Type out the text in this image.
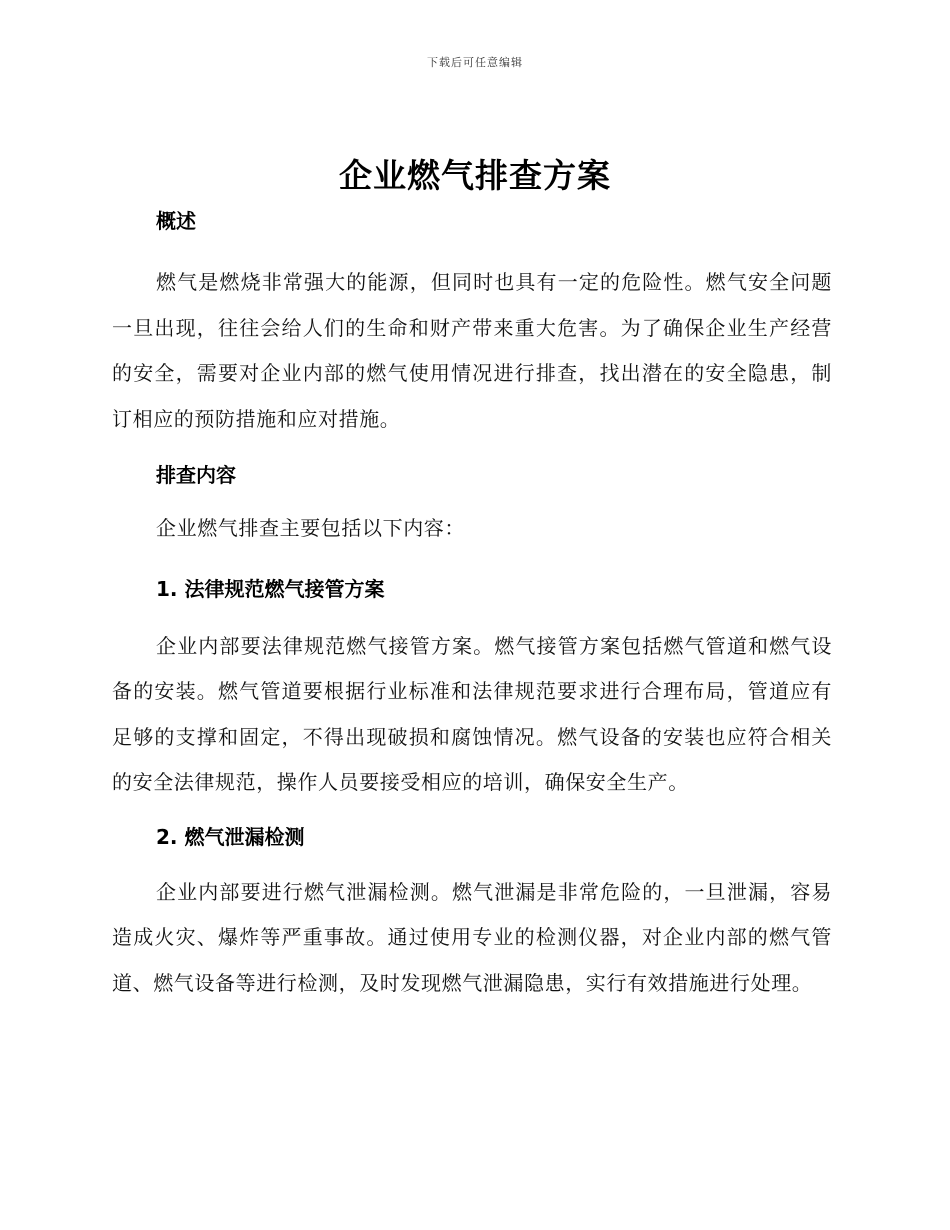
下载后可任意编辑
企业燃气排查方案
概述

燃气是燃烧非常强大的能源，但同时也具有一定的危险性。燃气安全问题一旦出现，往往会给人们的生命和财产带来重大危害。为了确保企业生产经营的安全，需要对企业内部的燃气使用情况进行排查，找出潜在的安全隐患，制订相应的预防措施和应对措施。

排查内容

企业燃气排查主要包括以下内容：

1. 法律规范燃气接管方案

企业内部要法律规范燃气接管方案。燃气接管方案包括燃气管道和燃气设备的安装。燃气管道要根据行业标准和法律规范要求进行合理布局，管道应有足够的支撑和固定，不得出现破损和腐蚀情况。燃气设备的安装也应符合相关的安全法律规范，操作人员要接受相应的培训，确保安全生产。

2. 燃气泄漏检测

企业内部要进行燃气泄漏检测。燃气泄漏是非常危险的，一旦泄漏，容易造成火灾、爆炸等严重事故。通过使用专业的检测仪器，对企业内部的燃气管道、燃气设备等进行检测，及时发现燃气泄漏隐患，实行有效措施进行处理。
